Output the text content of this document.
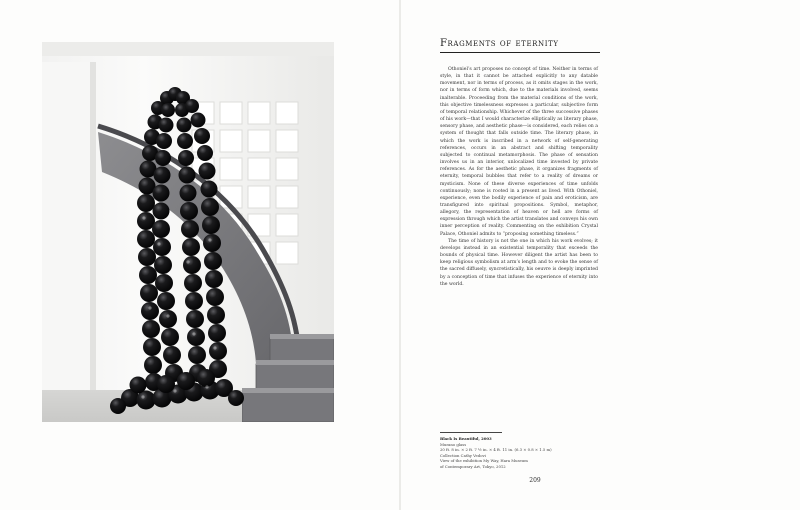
Fragments of eternity

Othoniel’s art proposes no concept of time. Neither in terms of style, in that it cannot be attached explicitly to any datable movement, nor in terms of process, as it omits stages in the work, nor in terms of form which, due to the materials involved, seems inalterable. Proceeding from the material conditions of the work, this objective timelessness expresses a particular, subjective form of temporal relationship. Whichever of the three successive phases of his work—that I would characterize elliptically as literary phase, sensory phase, and aesthetic phase—is considered, each relies on a system of thought that falls outside time. The literary phase, in which the work is inscribed in a network of self-generating references, occurs in an abstract and shifting temporality subjected to continual metamorphosis. The phase of sensation involves us in an interior, unlocalized time invested by private references. As for the aesthetic phase, it organizes fragments of eternity, temporal bubbles that refer to a reality of dreams or mysticism. None of these diverse experiences of time unfolds continuously; none is rooted in a present as lived. With Othoniel, experience, even the bodily experience of pain and eroticism, are transfigured into spiritual propositions. Symbol, metaphor, allegory, the representation of heaven or hell are forms of expression through which the artist translates and conveys his own inner perception of reality. Commenting on the exhibition Crystal Palace, Othoniel admits to “proposing something timeless.”

The time of history is not the one in which his work evolves; it develops instead in an existential temporality that exceeds the bounds of physical time. However diligent the artist has been to keep religious symbolism at arm’s length and to evoke the sense of the sacred diffusely, syncretistically, his oeuvre is deeply imprinted by a conception of time that infuses the experience of eternity into the world.

Black Is Beautiful, 2003
Murano glass
20 ft. 8 in. × 2 ft. 7 ½ in. × 4 ft. 11 in. (6.3 × 0.8 × 1.5 m)
Collection Cathy Vedovi
View of the exhibition My Way, Hara Museum
of Contemporary Art, Tokyo, 2012
209
